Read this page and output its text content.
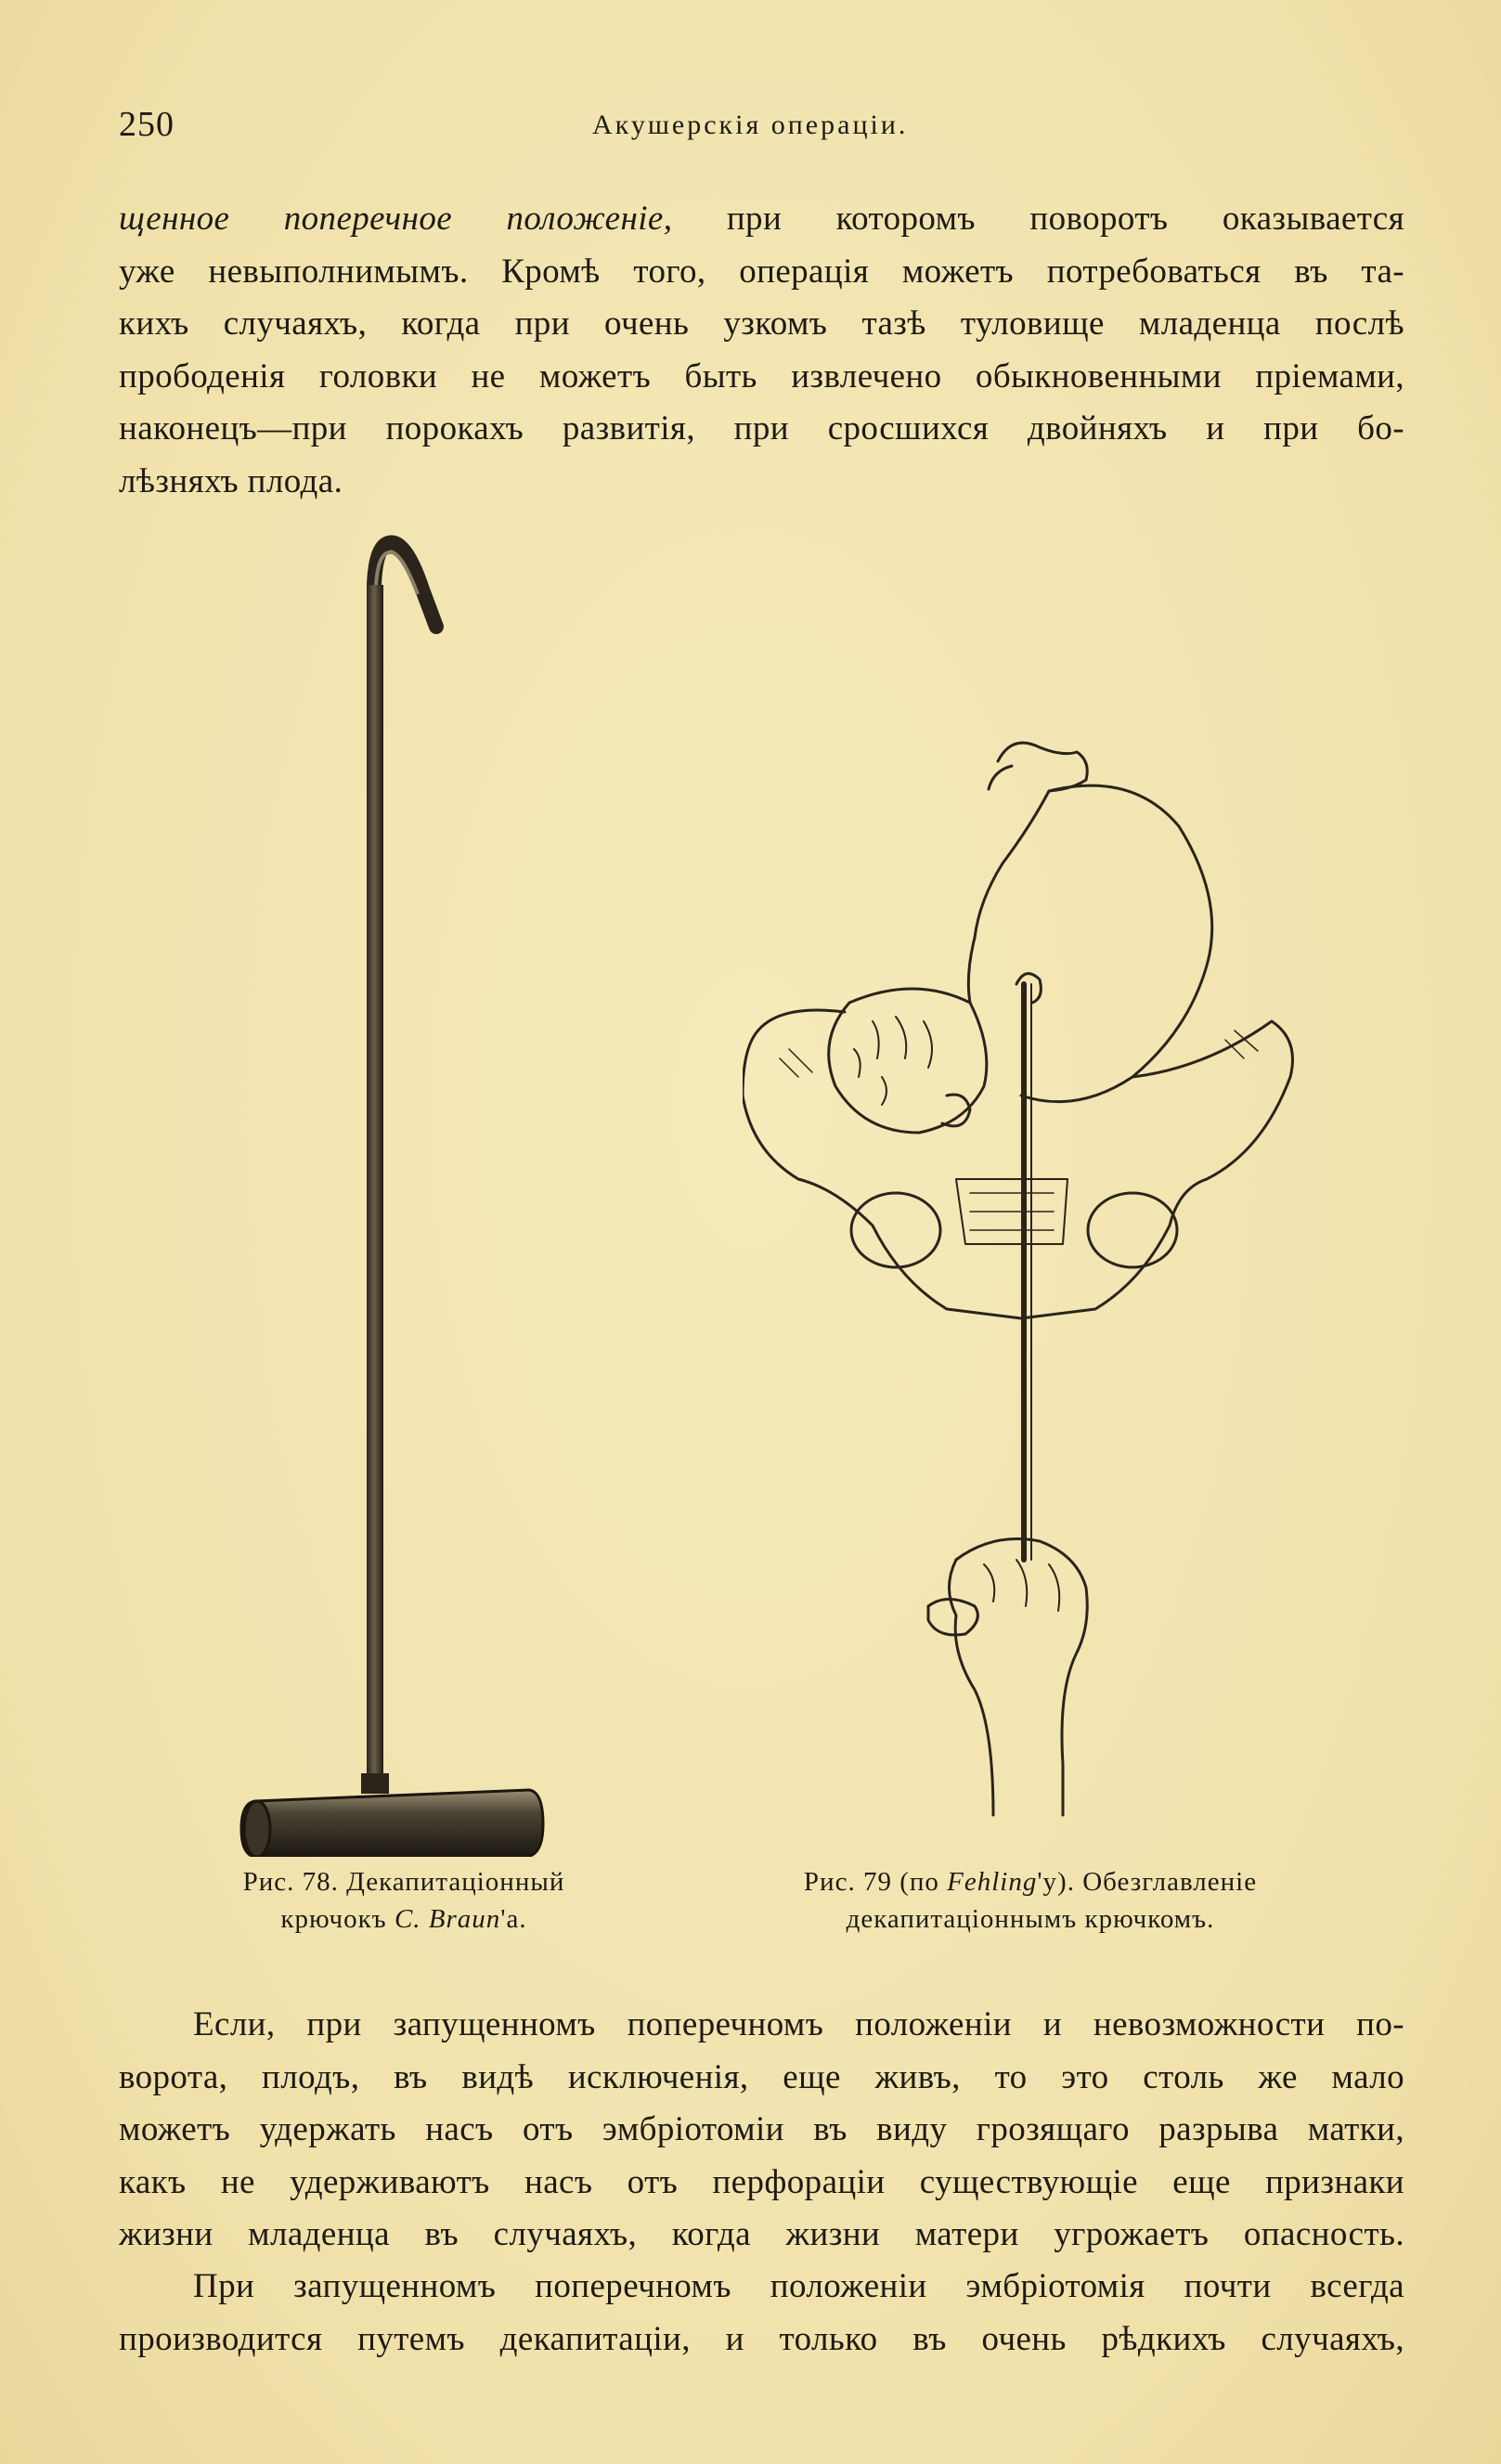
250	Акушерскія операціи.
щенное поперечное положеніе, при которомъ поворотъ оказывается
уже невыполнимымъ. Кромѣ того, операція можетъ потребоваться въ та-
кихъ случаяхъ, когда при очень узкомъ тазѣ туловище младенца послѣ
прободенія головки не можетъ быть извлечено обыкновенными пріемами,
наконецъ—при порокахъ развитія, при сросшихся двойняхъ и при бо-
лѣзняхъ плода.
Рис. 78. Декапитаціонный
крючокъ C. Braun'а.
Рис. 79 (по Fehling'у). Обезглавленіе
декапитаціоннымъ крючкомъ.
Если, при запущенномъ поперечномъ положеніи и невозможности по-
ворота, плодъ, въ видѣ исключенія, еще живъ, то это столь же мало
можетъ удержать насъ отъ эмбріотоміи въ виду грозящаго разрыва матки,
какъ не удерживаютъ насъ отъ перфораціи существующіе еще признаки
жизни младенца въ случаяхъ, когда жизни матери угрожаетъ опасность.
При запущенномъ поперечномъ положеніи эмбріотомія почти всегда
производится путемъ декапитаціи, и только въ очень рѣдкихъ случаяхъ,
